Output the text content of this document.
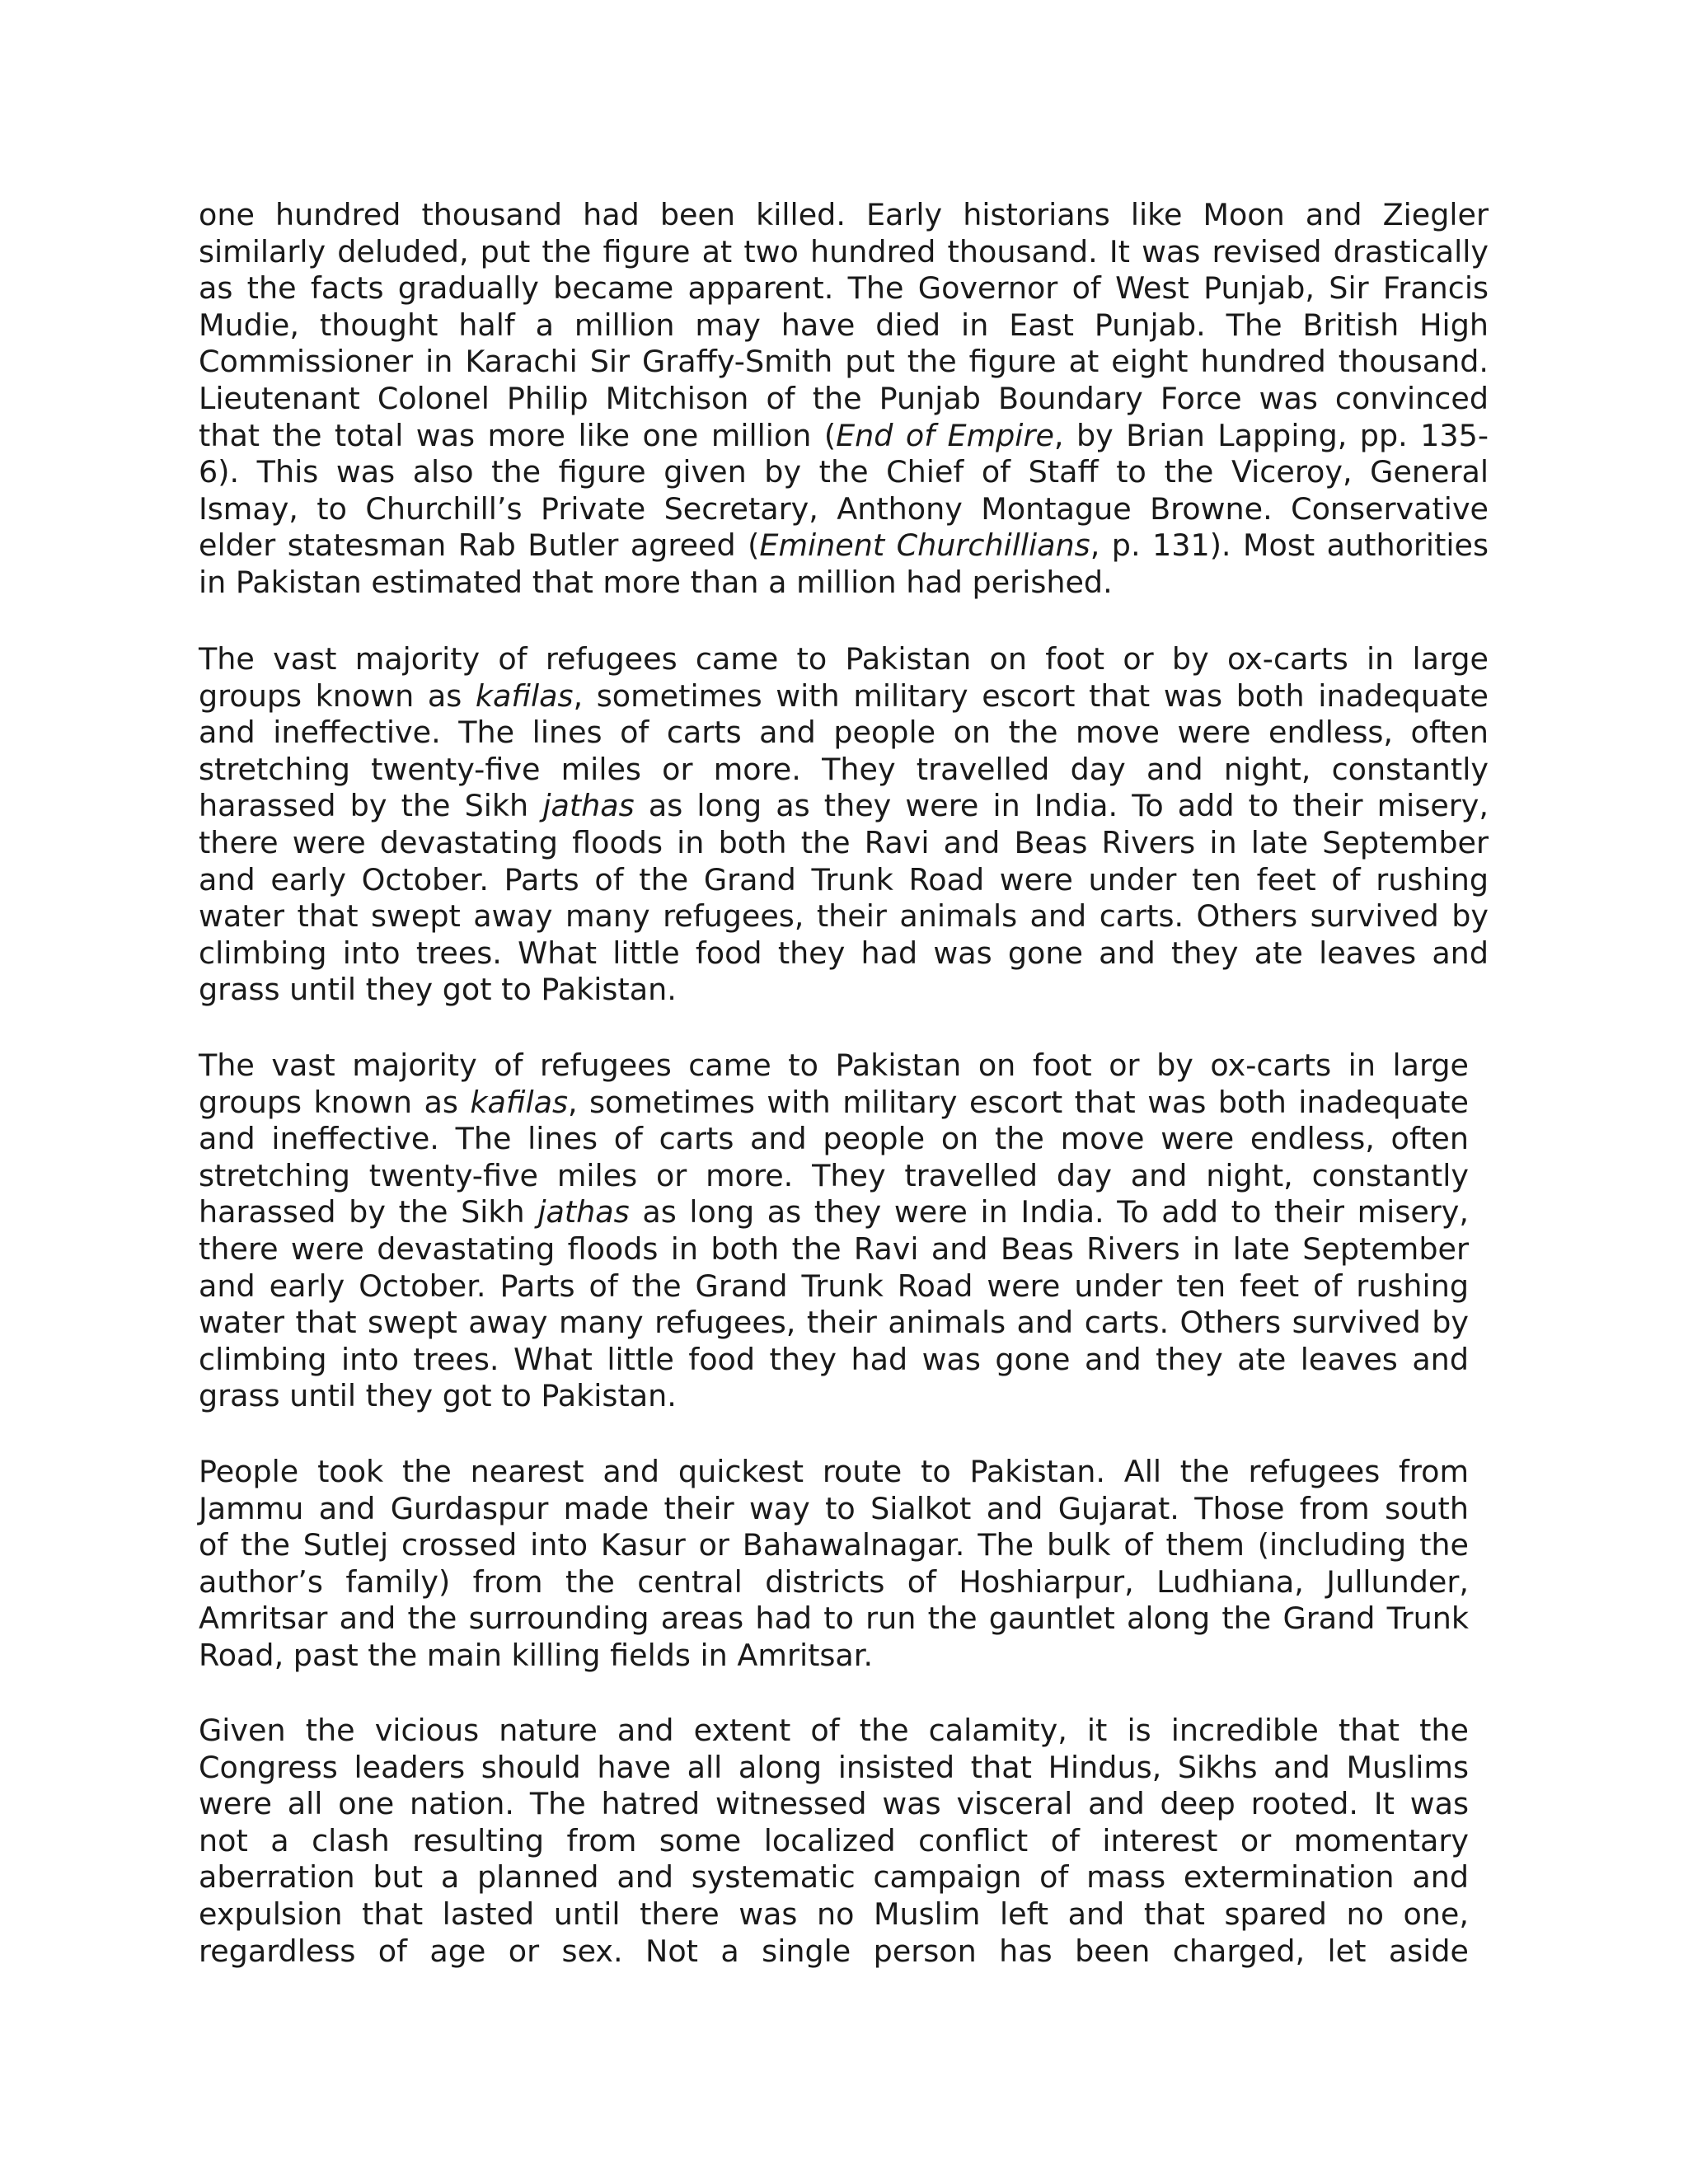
one hundred thousand had been killed. Early historians like Moon and Ziegler
similarly deluded, put the figure at two hundred thousand. It was revised drastically
as the facts gradually became apparent. The Governor of West Punjab, Sir Francis
Mudie, thought half a million may have died in East Punjab. The British High
Commissioner in Karachi Sir Graffy-Smith put the figure at eight hundred thousand.
Lieutenant Colonel Philip Mitchison of the Punjab Boundary Force was convinced
that the total was more like one million (End of Empire, by Brian Lapping, pp. 135-
6). This was also the figure given by the Chief of Staff to the Viceroy, General
Ismay, to Churchill’s Private Secretary, Anthony Montague Browne. Conservative
elder statesman Rab Butler agreed (Eminent Churchillians, p. 131). Most authorities
in Pakistan estimated that more than a million had perished.
The vast majority of refugees came to Pakistan on foot or by ox-carts in large
groups known as kafilas, sometimes with military escort that was both inadequate
and ineffective. The lines of carts and people on the move were endless, often
stretching twenty-five miles or more. They travelled day and night, constantly
harassed by the Sikh jathas as long as they were in India. To add to their misery,
there were devastating floods in both the Ravi and Beas Rivers in late September
and early October. Parts of the Grand Trunk Road were under ten feet of rushing
water that swept away many refugees, their animals and carts. Others survived by
climbing into trees. What little food they had was gone and they ate leaves and
grass until they got to Pakistan.
The vast majority of refugees came to Pakistan on foot or by ox-carts in large
groups known as kafilas, sometimes with military escort that was both inadequate
and ineffective. The lines of carts and people on the move were endless, often
stretching twenty-five miles or more. They travelled day and night, constantly
harassed by the Sikh jathas as long as they were in India. To add to their misery,
there were devastating floods in both the Ravi and Beas Rivers in late September
and early October. Parts of the Grand Trunk Road were under ten feet of rushing
water that swept away many refugees, their animals and carts. Others survived by
climbing into trees. What little food they had was gone and they ate leaves and
grass until they got to Pakistan.
People took the nearest and quickest route to Pakistan. All the refugees from
Jammu and Gurdaspur made their way to Sialkot and Gujarat. Those from south
of the Sutlej crossed into Kasur or Bahawalnagar. The bulk of them (including the
author’s family) from the central districts of Hoshiarpur, Ludhiana, Jullunder,
Amritsar and the surrounding areas had to run the gauntlet along the Grand Trunk
Road, past the main killing fields in Amritsar.
Given the vicious nature and extent of the calamity, it is incredible that the
Congress leaders should have all along insisted that Hindus, Sikhs and Muslims
were all one nation. The hatred witnessed was visceral and deep rooted. It was
not a clash resulting from some localized conflict of interest or momentary
aberration but a planned and systematic campaign of mass extermination and
expulsion that lasted until there was no Muslim left and that spared no one,
regardless of age or sex. Not a single person has been charged, let aside
